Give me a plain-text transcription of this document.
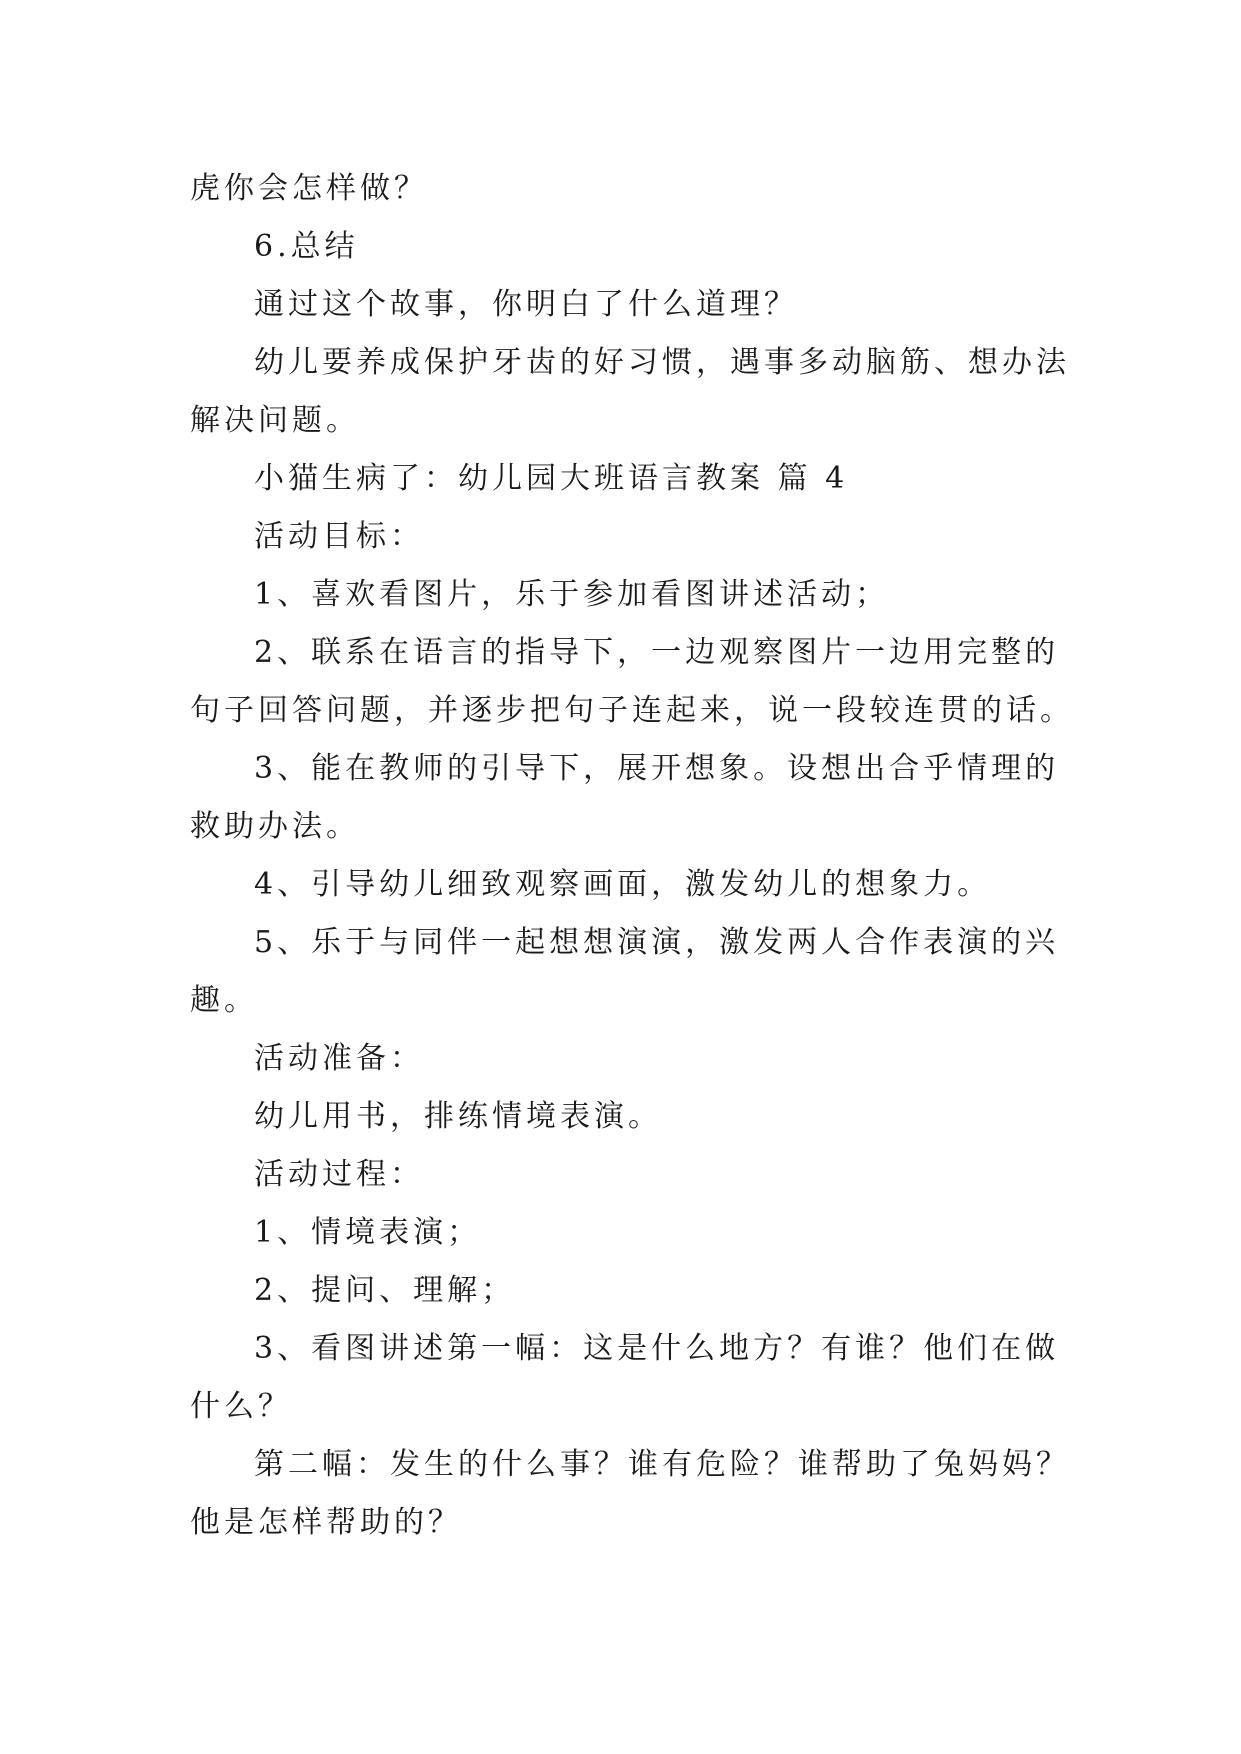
虎你会怎样做？
6.总结
通过这个故事，你明白了什么道理？
幼儿要养成保护牙齿的好习惯，遇事多动脑筋、想办法
解决问题。
小猫生病了：幼儿园大班语言教案 篇 4
活动目标：
1、喜欢看图片，乐于参加看图讲述活动；
2、联系在语言的指导下，一边观察图片一边用完整的
句子回答问题，并逐步把句子连起来，说一段较连贯的话。
3、能在教师的引导下，展开想象。设想出合乎情理的
救助办法。
4、引导幼儿细致观察画面，激发幼儿的想象力。
5、乐于与同伴一起想想演演，激发两人合作表演的兴
趣。
活动准备：
幼儿用书，排练情境表演。
活动过程：
1、情境表演；
2、提问、理解；
3、看图讲述第一幅：这是什么地方？有谁？他们在做
什么？
第二幅：发生的什么事？谁有危险？谁帮助了兔妈妈？
他是怎样帮助的？
